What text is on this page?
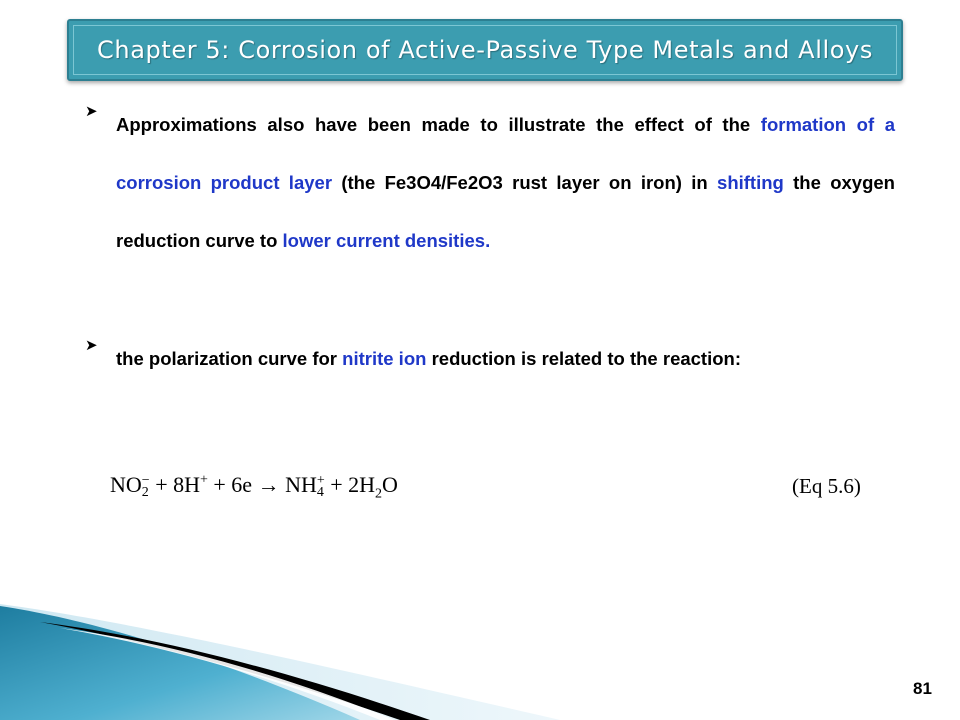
Chapter 5: Corrosion of Active-Passive Type Metals and Alloys
➤
Approximations also have been made to illustrate the effect of the formation of a corrosion product layer (the Fe3O4/Fe2O3 rust layer on iron) in shifting the oxygen reduction curve to lower current densities.
➤
the polarization curve for nitrite ion reduction is related to the reaction:
NO −
2 + 8H+ + 6e → NH +
$4 + 2H_2O$	(Eq 5.6)
81
